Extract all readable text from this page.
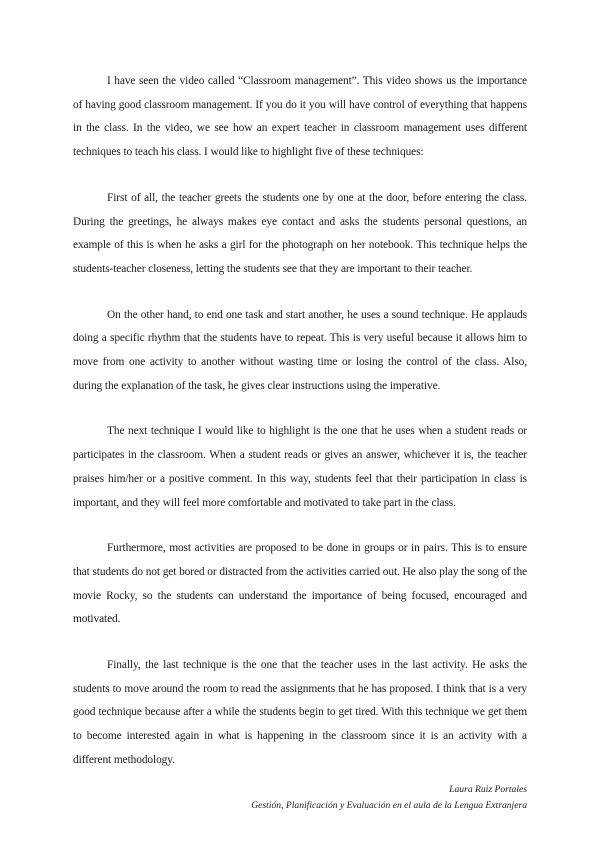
I have seen the video called “Classroom management”. This video shows us the importance of having good classroom management. If you do it you will have control of everything that happens in the class. In the video, we see how an expert teacher in classroom management uses different techniques to teach his class. I would like to highlight five of these techniques:

First of all, the teacher greets the students one by one at the door, before entering the class. During the greetings, he always makes eye contact and asks the students personal questions, an example of this is when he asks a girl for the photograph on her notebook. This technique helps the students-teacher closeness, letting the students see that they are important to their teacher.

On the other hand, to end one task and start another, he uses a sound technique. He applauds doing a specific rhythm that the students have to repeat. This is very useful because it allows him to move from one activity to another without wasting time or losing the control of the class. Also, during the explanation of the task, he gives clear instructions using the imperative.

The next technique I would like to highlight is the one that he uses when a student reads or participates in the classroom. When a student reads or gives an answer, whichever it is, the teacher praises him/her or a positive comment. In this way, students feel that their participation in class is important, and they will feel more comfortable and motivated to take part in the class.

Furthermore, most activities are proposed to be done in groups or in pairs. This is to ensure that students do not get bored or distracted from the activities carried out. He also play the song of the movie Rocky, so the students can understand the importance of being focused, encouraged and motivated.

Finally, the last technique is the one that the teacher uses in the last activity. He asks the students to move around the room to read the assignments that he has proposed. I think that is a very good technique because after a while the students begin to get tired. With this technique we get them to become interested again in what is happening in the classroom since it is an activity with a different methodology.

Laura Ruiz Portales
Gestión, Planificación y Evaluación en el aula de la Lengua Extranjera
